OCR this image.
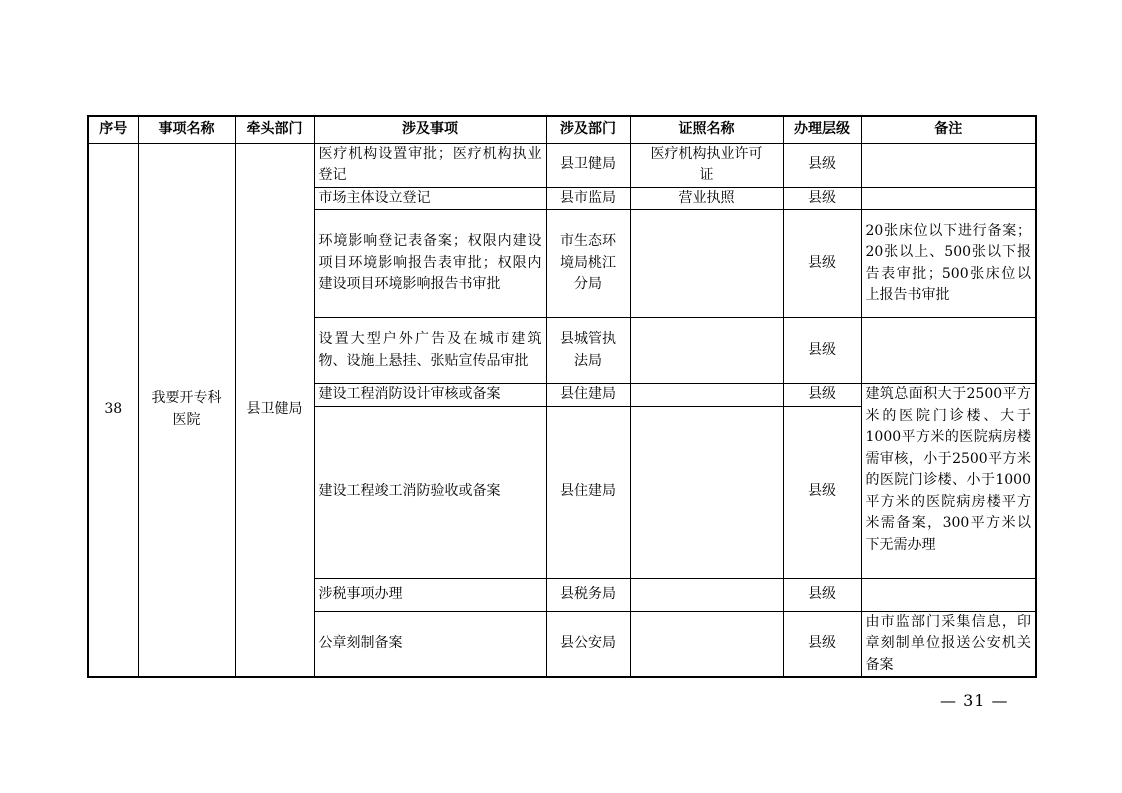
序号	事项名称	牵头部门	涉及事项	涉及部门	证照名称	办理层级	备注
38	我要开专科医院	县卫健局	医疗机构设置审批；医疗机构执业登记	县卫健局	医疗机构执业许可证	县级	
			市场主体设立登记	县市监局	营业执照	县级	
			环境影响登记表备案；权限内建设项目环境影响报告表审批；权限内建设项目环境影响报告书审批	市生态环境局桃江分局		县级	20张床位以下进行备案；20张以上、500张以下报告表审批；500张床位以上报告书审批
			设置大型户外广告及在城市建筑物、设施上悬挂、张贴宣传品审批	县城管执法局		县级	
			建设工程消防设计审核或备案	县住建局		县级	建筑总面积大于2500平方米的医院门诊楼、大于1000平方米的医院病房楼需审核，小于2500平方米的医院门诊楼、小于1000平方米的医院病房楼平方米需备案，300平方米以下无需办理
			建设工程竣工消防验收或备案	县住建局		县级	
			涉税事项办理	县税务局		县级	
			公章刻制备案	县公安局		县级	由市监部门采集信息，印章刻制单位报送公安机关备案
— 31 —
